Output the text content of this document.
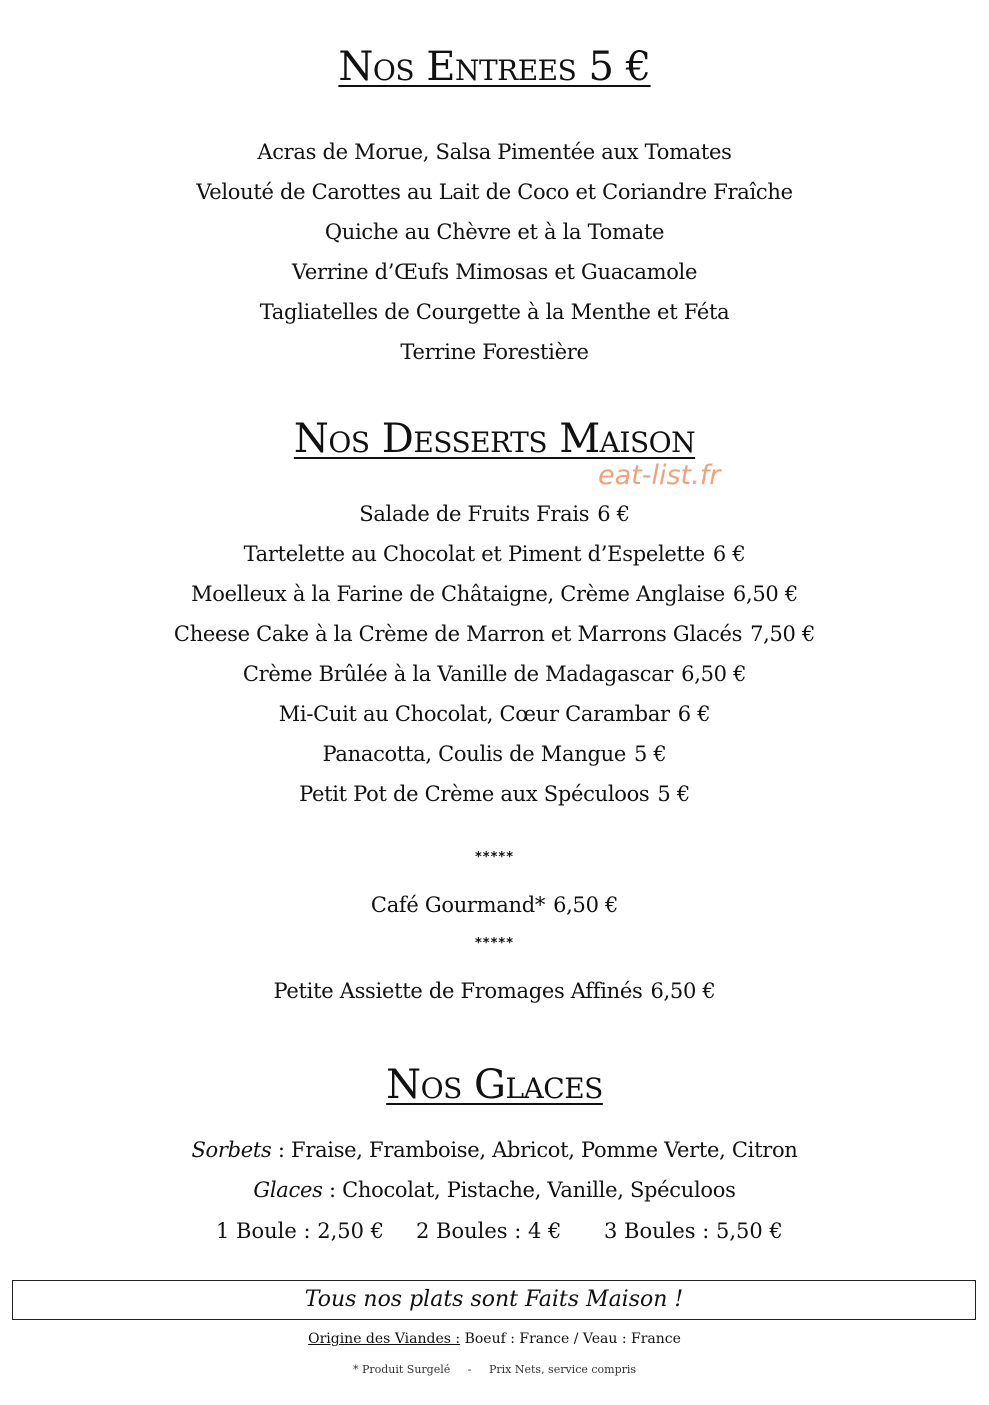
Nos Entrees 5 €
Acras de Morue, Salsa Pimentée aux Tomates
Velouté de Carottes au Lait de Coco et Coriandre Fraîche
Quiche au Chèvre et à la Tomate
Verrine d’Œufs Mimosas et Guacamole
Tagliatelles de Courgette à la Menthe et Féta
Terrine Forestière
Nos Desserts Maison
eat-list.fr
Salade de Fruits Frais 6 €
Tartelette au Chocolat et Piment d’Espelette 6 €
Moelleux à la Farine de Châtaigne, Crème Anglaise 6,50 €
Cheese Cake à la Crème de Marron et Marrons Glacés 7,50 €
Crème Brûlée à la Vanille de Madagascar 6,50 €
Mi-Cuit au Chocolat, Cœur Carambar 6 €
Panacotta, Coulis de Mangue 5 €
Petit Pot de Crème aux Spéculoos 5 €
*****
Café Gourmand* 6,50 €
*****
Petite Assiette de Fromages Affinés 6,50 €
Nos Glaces
Sorbets : Fraise, Framboise, Abricot, Pomme Verte, Citron
Glaces : Chocolat, Pistache, Vanille, Spéculoos
1 Boule : 2,50 € 2 Boules : 4 € 3 Boules : 5,50 €
Tous nos plats sont Faits Maison !
Origine des Viandes : Boeuf : France / Veau : France
* Produit Surgelé - Prix Nets, service compris
